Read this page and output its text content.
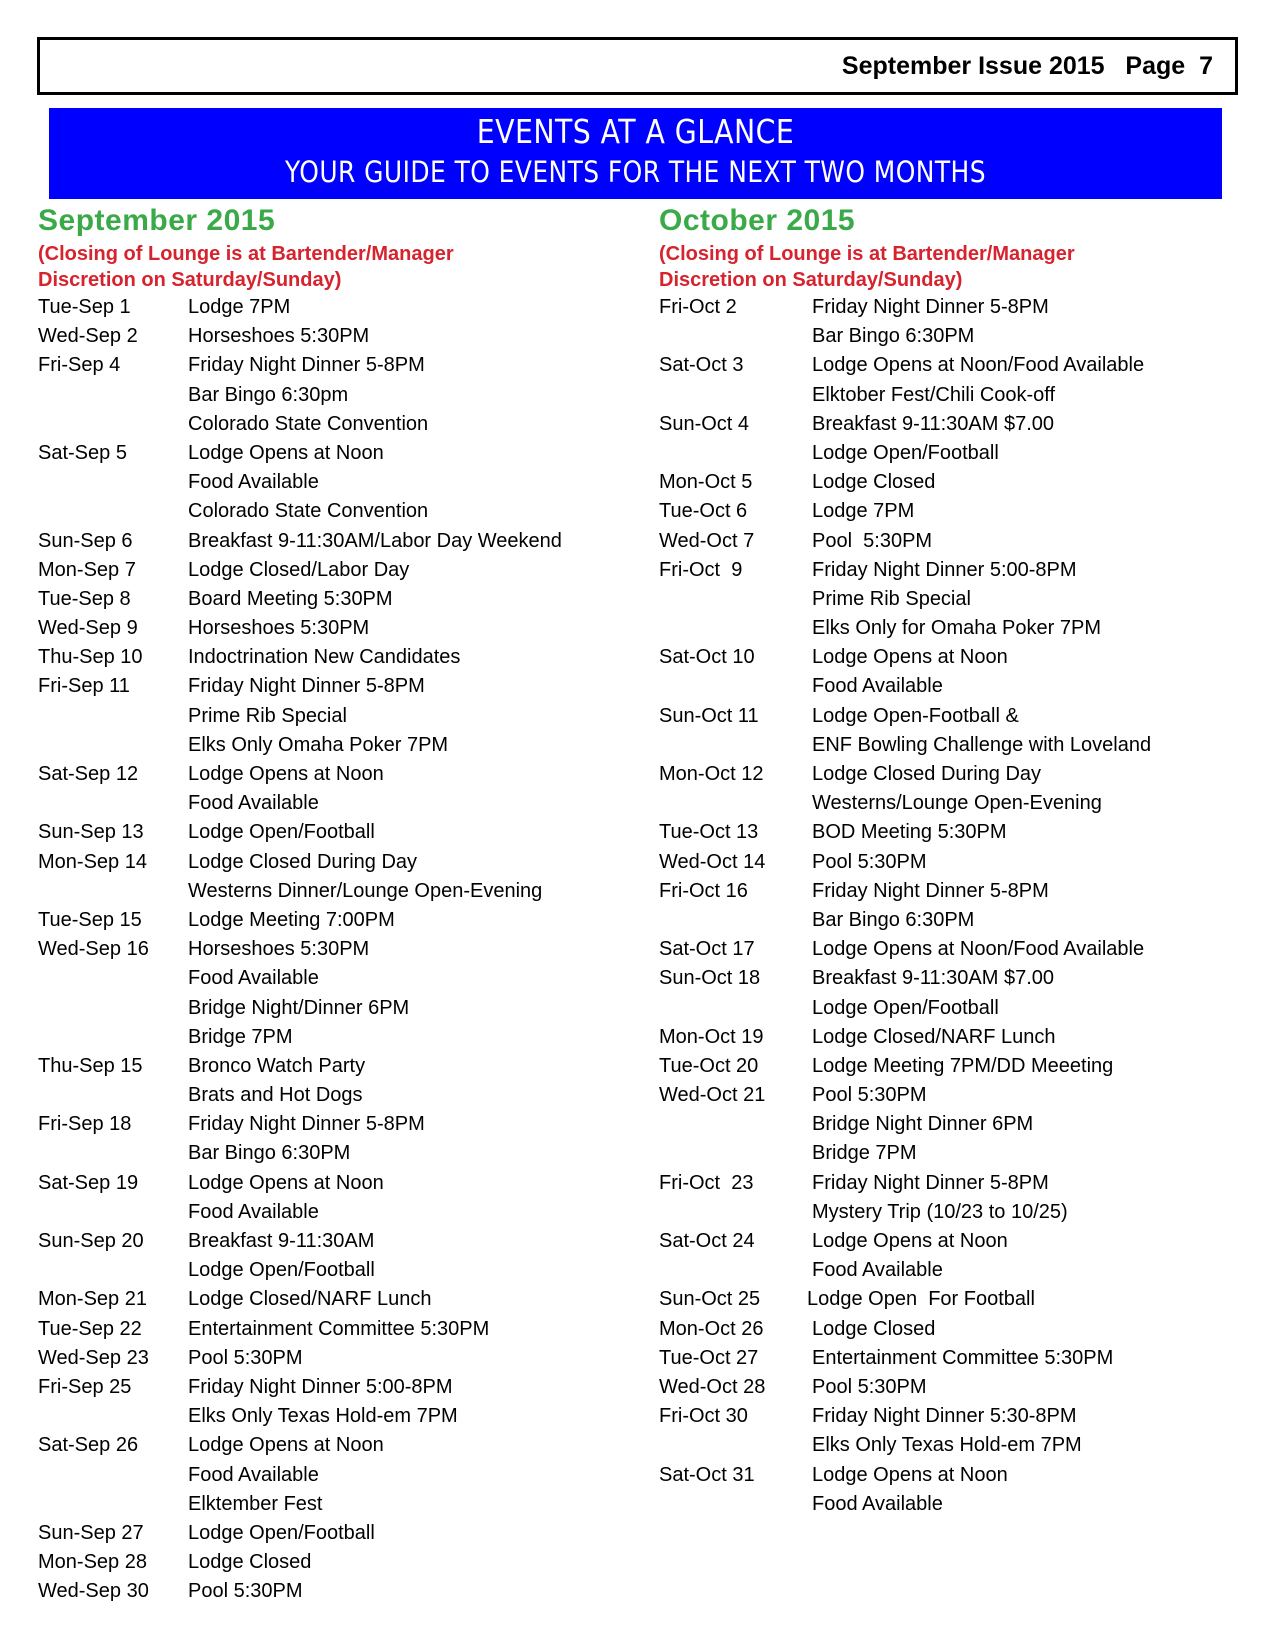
September Issue 2015 Page 7
EVENTS AT A GLANCE
YOUR GUIDE TO EVENTS FOR THE NEXT TWO MONTHS
September 2015
(Closing of Lounge is at Bartender/Manager
Discretion on Saturday/Sunday)
Tue-Sep 1	Lodge 7PM
Wed-Sep 2	Horseshoes 5:30PM
Fri-Sep 4	Friday Night Dinner 5-8PM
Bar Bingo 6:30pm
Colorado State Convention
Sat-Sep 5	Lodge Opens at Noon
Food Available
Colorado State Convention
Sun-Sep 6	Breakfast 9-11:30AM/Labor Day Weekend
Mon-Sep 7	Lodge Closed/Labor Day
Tue-Sep 8	Board Meeting 5:30PM
Wed-Sep 9	Horseshoes 5:30PM
Thu-Sep 10	Indoctrination New Candidates
Fri-Sep 11	Friday Night Dinner 5-8PM
Prime Rib Special
Elks Only Omaha Poker 7PM
Sat-Sep 12	Lodge Opens at Noon
Food Available
Sun-Sep 13	Lodge Open/Football
Mon-Sep 14	Lodge Closed During Day
Westerns Dinner/Lounge Open-Evening
Tue-Sep 15	Lodge Meeting 7:00PM
Wed-Sep 16	Horseshoes 5:30PM
Food Available
Bridge Night/Dinner 6PM
Bridge 7PM
Thu-Sep 15	Bronco Watch Party
Brats and Hot Dogs
Fri-Sep 18	Friday Night Dinner 5-8PM
Bar Bingo 6:30PM
Sat-Sep 19	Lodge Opens at Noon
Food Available
Sun-Sep 20	Breakfast 9-11:30AM
Lodge Open/Football
Mon-Sep 21	Lodge Closed/NARF Lunch
Tue-Sep 22	Entertainment Committee 5:30PM
Wed-Sep 23	Pool 5:30PM
Fri-Sep 25	Friday Night Dinner 5:00-8PM
Elks Only Texas Hold-em 7PM
Sat-Sep 26	Lodge Opens at Noon
Food Available
Elktember Fest
Sun-Sep 27	Lodge Open/Football
Mon-Sep 28	Lodge Closed
Wed-Sep 30	Pool 5:30PM
October 2015
(Closing of Lounge is at Bartender/Manager
Discretion on Saturday/Sunday)
Fri-Oct 2	Friday Night Dinner 5-8PM
Bar Bingo 6:30PM
Sat-Oct 3	Lodge Opens at Noon/Food Available
Elktober Fest/Chili Cook-off
Sun-Oct 4	Breakfast 9-11:30AM $7.00
Lodge Open/Football
Mon-Oct 5	Lodge Closed
Tue-Oct 6	Lodge 7PM
Wed-Oct 7	Pool  5:30PM
Fri-Oct  9	Friday Night Dinner 5:00-8PM
Prime Rib Special
Elks Only for Omaha Poker 7PM
Sat-Oct 10	Lodge Opens at Noon
Food Available
Sun-Oct 11	Lodge Open-Football &
ENF Bowling Challenge with Loveland
Mon-Oct 12	Lodge Closed During Day
Westerns/Lounge Open-Evening
Tue-Oct 13	BOD Meeting 5:30PM
Wed-Oct 14	Pool 5:30PM
Fri-Oct 16	Friday Night Dinner 5-8PM
Bar Bingo 6:30PM
Sat-Oct 17	Lodge Opens at Noon/Food Available
Sun-Oct 18	Breakfast 9-11:30AM $7.00
Lodge Open/Football
Mon-Oct 19	Lodge Closed/NARF Lunch
Tue-Oct 20	Lodge Meeting 7PM/DD Meeeting
Wed-Oct 21	Pool 5:30PM
Bridge Night Dinner 6PM
Bridge 7PM
Fri-Oct  23	Friday Night Dinner 5-8PM
Mystery Trip (10/23 to 10/25)
Sat-Oct 24	Lodge Opens at Noon
Food Available
Sun-Oct 25	Lodge Open  For Football
Mon-Oct 26	Lodge Closed
Tue-Oct 27	Entertainment Committee 5:30PM
Wed-Oct 28	Pool 5:30PM
Fri-Oct 30	Friday Night Dinner 5:30-8PM
Elks Only Texas Hold-em 7PM
Sat-Oct 31	Lodge Opens at Noon
Food Available
